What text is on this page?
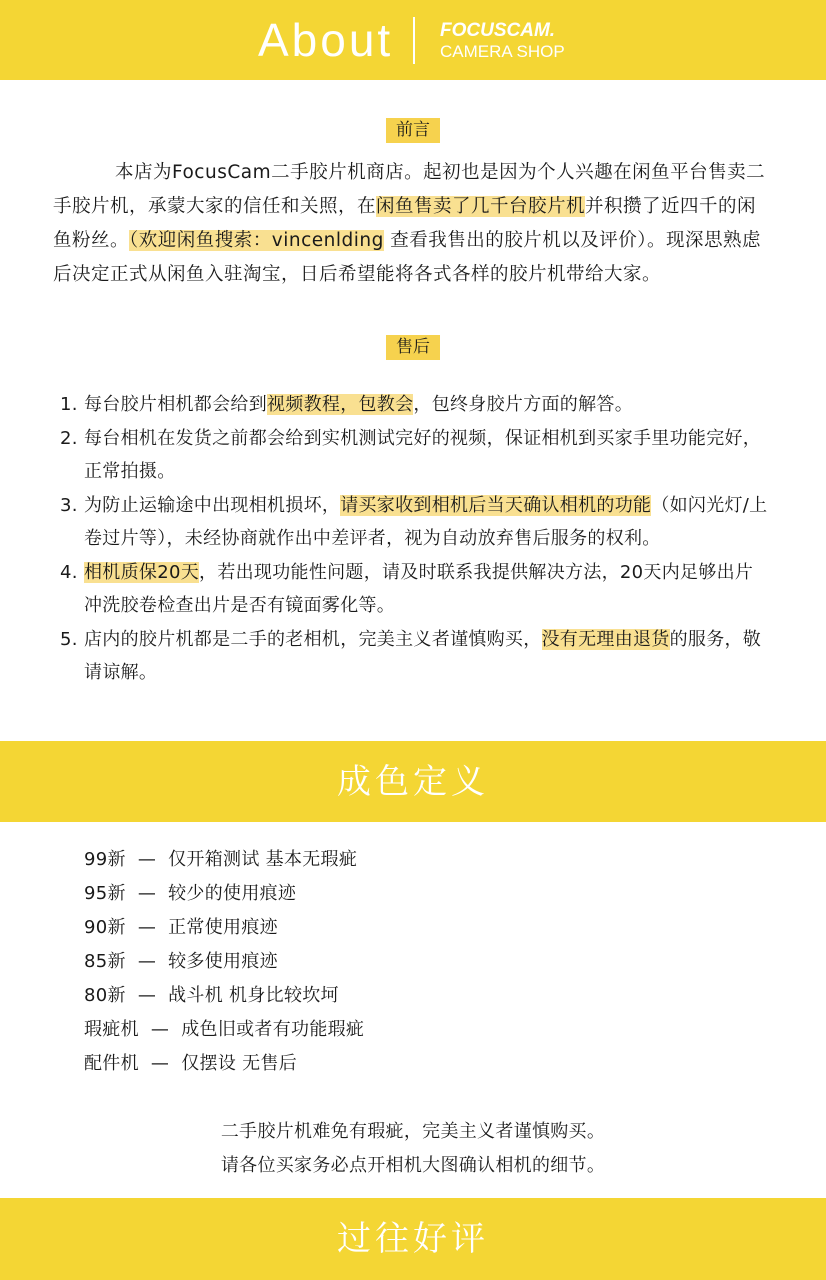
About FOCUSCAM.
CAMERA SHOP
前言
本店为FocusCam二手胶片机商店。起初也是因为个人兴趣在闲鱼平台售卖二手胶片机，承蒙大家的信任和关照，在闲鱼售卖了几千台胶片机并积攒了近四千的闲鱼粉丝。（欢迎闲鱼搜索：vincenlding 查看我售出的胶片机以及评价）。现深思熟虑后决定正式从闲鱼入驻淘宝，日后希望能将各式各样的胶片机带给大家。
售后
1. 每台胶片相机都会给到视频教程，包教会，包终身胶片方面的解答。
2. 每台相机在发货之前都会给到实机测试完好的视频，保证相机到买家手里功能完好，正常拍摄。
3. 为防止运输途中出现相机损坏，请买家收到相机后当天确认相机的功能（如闪光灯/上卷过片等），未经协商就作出中差评者，视为自动放弃售后服务的权利。
4. 相机质保20天，若出现功能性问题，请及时联系我提供解决方法，20天内足够出片冲洗胶卷检查出片是否有镜面雾化等。
5. 店内的胶片机都是二手的老相机，完美主义者谨慎购买，没有无理由退货的服务，敬请谅解。
成色定义
99新 — 仅开箱测试 基本无瑕疵
95新 — 较少的使用痕迹
90新 — 正常使用痕迹
85新 — 较多使用痕迹
80新 — 战斗机 机身比较坎坷
瑕疵机 — 成色旧或者有功能瑕疵
配件机 — 仅摆设 无售后
二手胶片机难免有瑕疵，完美主义者谨慎购买。
请各位买家务必点开相机大图确认相机的细节。
过往好评
